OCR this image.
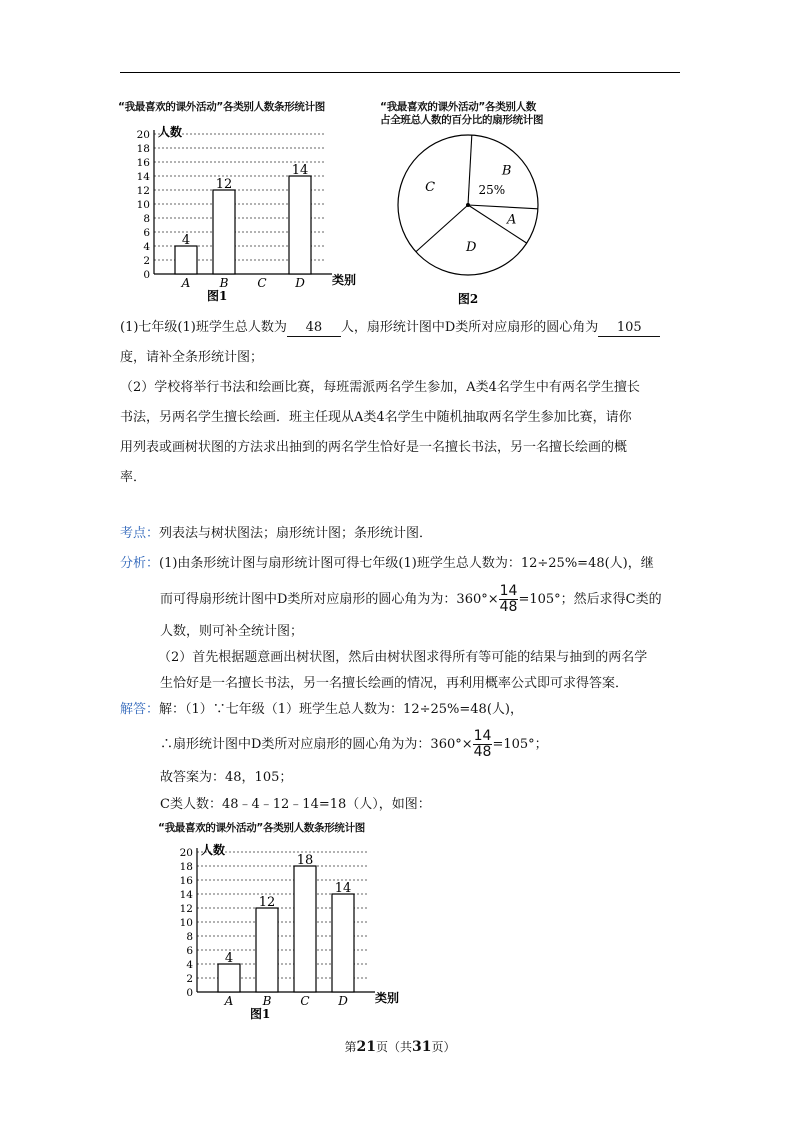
“我最喜欢的课外活动”各类别人数条形统计图
0
2
4
6
8
10
12
14
16
18
20 人数
类别
图1
A
4
B
12
C D
14
“我最喜欢的课外活动”各类别人数
占全班总人数的百分比的扇形统计图
A
B
25%
C
D
图2
(1)七年级(1)班学生总人数为 48 人，扇形统计图中D类所对应扇形的圆心角为 105
度，请补全条形统计图；
（2）学校将举行书法和绘画比赛，每班需派两名学生参加，A类4名学生中有两名学生擅长
书法，另两名学生擅长绘画．班主任现从A类4名学生中随机抽取两名学生参加比赛，请你
用列表或画树状图的方法求出抽到的两名学生恰好是一名擅长书法，另一名擅长绘画的概
率．
考点：列表法与树状图法；扇形统计图；条形统计图．
分析：(1)由条形统计图与扇形统计图可得七年级(1)班学生总人数为：12÷25%=48(人)，继
而可得扇形统计图中D类所对应扇形的圆心角为为：$360^\circ\times \frac{14}{48} =105^\circ$；然后求得C类的
人数，则可补全统计图；
（2）首先根据题意画出树状图，然后由树状图求得所有等可能的结果与抽到的两名学
生恰好是一名擅长书法，另一名擅长绘画的情况，再利用概率公式即可求得答案．
解答：解：（1）∵七年级（1）班学生总人数为：12÷25%=48(人)，
∴扇形统计图中D类所对应扇形的圆心角为为：$360^\circ\times \frac{14}{48} =105^\circ$；
故答案为：48，105；
C类人数：48﹣4﹣12﹣14=18（人），如图：
“我最喜欢的课外活动”各类别人数条形统计图
0
2
4
6
8
10
12
14
16
18
20 人数
类别
图1
A
4
B
12
C
18
D
14
第21页（共31页）
